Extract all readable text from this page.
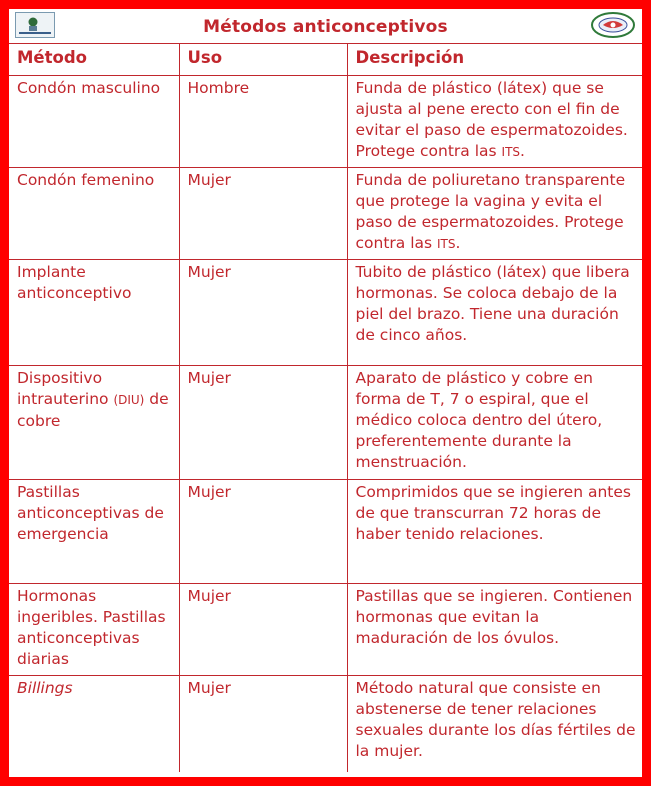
Métodos anticonceptivos
Método	Uso	Descripción
Condón masculino	Hombre	Funda de plástico (látex) que se ajusta al pene erecto con el fin de evitar el paso de espermatozoides. Protege contra las ITS.
Condón femenino	Mujer	Funda de poliuretano transparente que protege la vagina y evita el paso de espermatozoides. Protege contra las ITS.
Implante anticonceptivo	Mujer	Tubito de plástico (látex) que libera hormonas. Se coloca debajo de la piel del brazo. Tiene una duración de cinco años.
Dispositivo intrauterino (DIU) de cobre	Mujer	Aparato de plástico y cobre en forma de T, 7 o espiral, que el médico coloca dentro del útero, preferentemente durante la menstruación.
Pastillas anticonceptivas de emergencia	Mujer	Comprimidos que se ingieren antes de que transcurran 72 horas de haber tenido relaciones.
Hormonas ingeribles. Pastillas anticonceptivas diarias	Mujer	Pastillas que se ingieren. Contienen hormonas que evitan la maduración de los óvulos.
Billings	Mujer	Método natural que consiste en abstenerse de tener relaciones sexuales durante los días fértiles de la mujer.
